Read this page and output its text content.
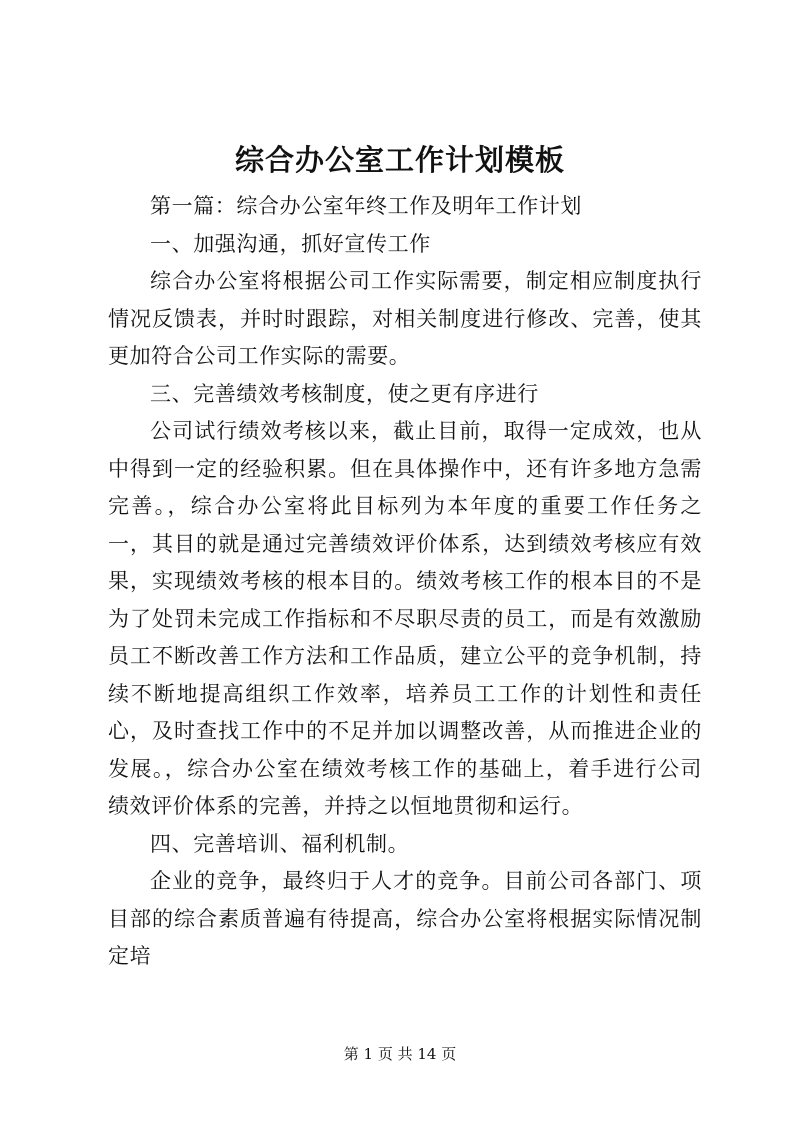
综合办公室工作计划模板

第一篇：综合办公室年终工作及明年工作计划

一、加强沟通，抓好宣传工作

综合办公室将根据公司工作实际需要，制定相应制度执行情况反馈表，并时时跟踪，对相关制度进行修改、完善，使其更加符合公司工作实际的需要。

三、完善绩效考核制度，使之更有序进行

公司试行绩效考核以来，截止目前，取得一定成效，也从中得到一定的经验积累。但在具体操作中，还有许多地方急需完善。，综合办公室将此目标列为本年度的重要工作任务之一，其目的就是通过完善绩效评价体系，达到绩效考核应有效果，实现绩效考核的根本目的。绩效考核工作的根本目的不是为了处罚未完成工作指标和不尽职尽责的员工，而是有效激励员工不断改善工作方法和工作品质，建立公平的竞争机制，持续不断地提高组织工作效率，培养员工工作的计划性和责任心，及时查找工作中的不足并加以调整改善，从而推进企业的发展。，综合办公室在绩效考核工作的基础上，着手进行公司绩效评价体系的完善，并持之以恒地贯彻和运行。

四、完善培训、福利机制。

企业的竞争，最终归于人才的竞争。目前公司各部门、项目部的综合素质普遍有待提高，综合办公室将根据实际情况制定培

第 1 页 共 14 页
